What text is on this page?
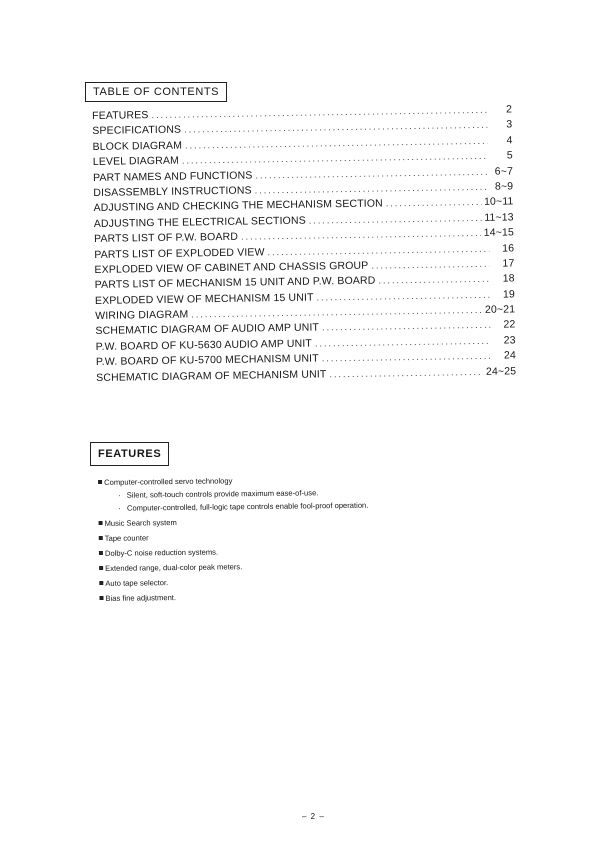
TABLE OF CONTENTS
FEATURES .....	2
SPECIFICATIONS .....	3
BLOCK DIAGRAM .....	4
LEVEL DIAGRAM .....	5
PART NAMES AND FUNCTIONS .....	6~7
DISASSEMBLY INSTRUCTIONS .....	8~9
ADJUSTING AND CHECKING THE MECHANISM SECTION .....	10~11
ADJUSTING THE ELECTRICAL SECTIONS .....	11~13
PARTS LIST OF P.W. BOARD .....	14~15
PARTS LIST OF EXPLODED VIEW .....	16
EXPLODED VIEW OF CABINET AND CHASSIS GROUP .....	17
PARTS LIST OF MECHANISM 15 UNIT AND P.W. BOARD .....	18
EXPLODED VIEW OF MECHANISM 15 UNIT .....	19
WIRING DIAGRAM .....	20~21
SCHEMATIC DIAGRAM OF AUDIO AMP UNIT .....	22
P.W. BOARD OF KU-5630 AUDIO AMP UNIT .....	23
P.W. BOARD OF KU-5700 MECHANISM UNIT .....	24
SCHEMATIC DIAGRAM OF MECHANISM UNIT .....	24~25
FEATURES
Computer-controlled servo technology
· Silent, soft-touch controls provide maximum ease-of-use.
· Computer-controlled, full-logic tape controls enable fool-proof operation.
Music Search system
Tape counter
Dolby-C noise reduction systems.
Extended range, dual-color peak meters.
Auto tape selector.
Bias fine adjustment.
– 2 –
